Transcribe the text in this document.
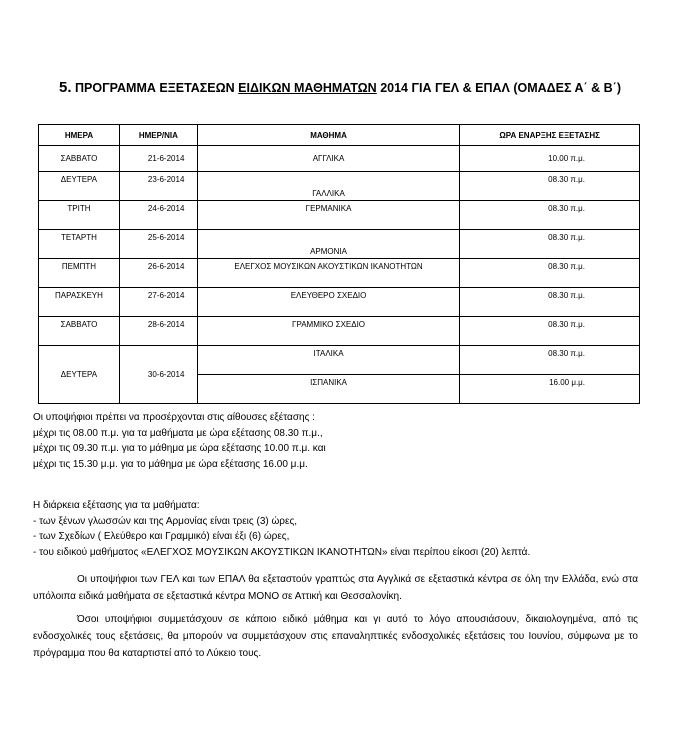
5. ΠΡΟΓΡΑΜΜΑ ΕΞΕΤΑΣΕΩΝ ΕΙΔΙΚΩΝ ΜΑΘΗΜΑΤΩΝ 2014 ΓΙΑ ΓΕΛ & ΕΠΑΛ (ΟΜΑΔΕΣ Α΄ & Β΄)
ΗΜΕΡΑ	ΗΜΕΡ/ΝΙΑ	ΜΑΘΗΜΑ	ΩΡΑ ΕΝΑΡΞΗΣ ΕΞΕΤΑΣΗΣ
ΣΑΒΒΑΤΟ	21-6-2014	ΑΓΓΛΙΚΑ	10.00 π.μ.
ΔΕΥΤΕΡΑ	23-6-2014	ΓΑΛΛΙΚΑ	08.30 π.μ.
ΤΡΙΤΗ	24-6-2014	ΓΕΡΜΑΝΙΚΑ	08.30 π.μ.
ΤΕΤΑΡΤΗ	25-6-2014	ΑΡΜΟΝΙΑ	08.30 π.μ.
ΠΕΜΠΤΗ	26-6-2014	ΕΛΕΓΧΟΣ ΜΟΥΣΙΚΩΝ ΑΚΟΥΣΤΙΚΩΝ ΙΚΑΝΟΤΗΤΩΝ	08.30 π.μ.
ΠΑΡΑΣΚΕΥΗ	27-6-2014	ΕΛΕΥΘΕΡΟ ΣΧΕΔΙΟ	08.30 π.μ.
ΣΑΒΒΑΤΟ	28-6-2014	ΓΡΑΜΜΙΚΟ ΣΧΕΔΙΟ	08.30 π.μ.
ΔΕΥΤΕΡΑ	30-6-2014	ΙΤΑΛΙΚΑ	08.30 π.μ.
		ΙΣΠΑΝΙΚΑ	16.00 μ.μ.
Οι υποψήφιοι πρέπει να προσέρχονται στις αίθουσες εξέτασης :
μέχρι τις 08.00 π.μ. για τα μαθήματα με ώρα εξέτασης 08.30 π.μ.,
μέχρι τις 09.30 π.μ. για το μάθημα με ώρα εξέτασης 10.00 π.μ. και
μέχρι τις 15.30 μ.μ. για το μάθημα με ώρα εξέτασης 16.00 μ.μ.
Η διάρκεια εξέτασης για τα μαθήματα:
- των ξένων γλωσσών και της Αρμονίας είναι τρεις (3) ώρες,
- των Σχεδίων ( Ελεύθερο και Γραμμικό) είναι έξι (6) ώρες,
- του ειδικού μαθήματος «ΕΛΕΓΧΟΣ ΜΟΥΣΙΚΩΝ ΑΚΟΥΣΤΙΚΩΝ ΙΚΑΝΟΤΗΤΩΝ» είναι περίπου είκοσι (20) λεπτά.
Οι υποψήφιοι των ΓΕΛ και των ΕΠΑΛ θα εξεταστούν γραπτώς στα Αγγλικά σε εξεταστικά κέντρα σε όλη την Ελλάδα, ενώ στα υπόλοιπα ειδικά μαθήματα σε εξεταστικά κέντρα ΜΟΝΟ σε Αττική και Θεσσαλονίκη.
Όσοι υποψήφιοι συμμετάσχουν σε κάποιο ειδικό μάθημα και γι αυτό το λόγο απουσιάσουν, δικαιολογημένα, από τις ενδοσχολικές τους εξετάσεις, θα μπορούν να συμμετάσχουν στις επαναληπτικές ενδοσχολικές εξετάσεις του Ιουνίου, σύμφωνα με το πρόγραμμα που θα καταρτιστεί από το Λύκειο τους.
